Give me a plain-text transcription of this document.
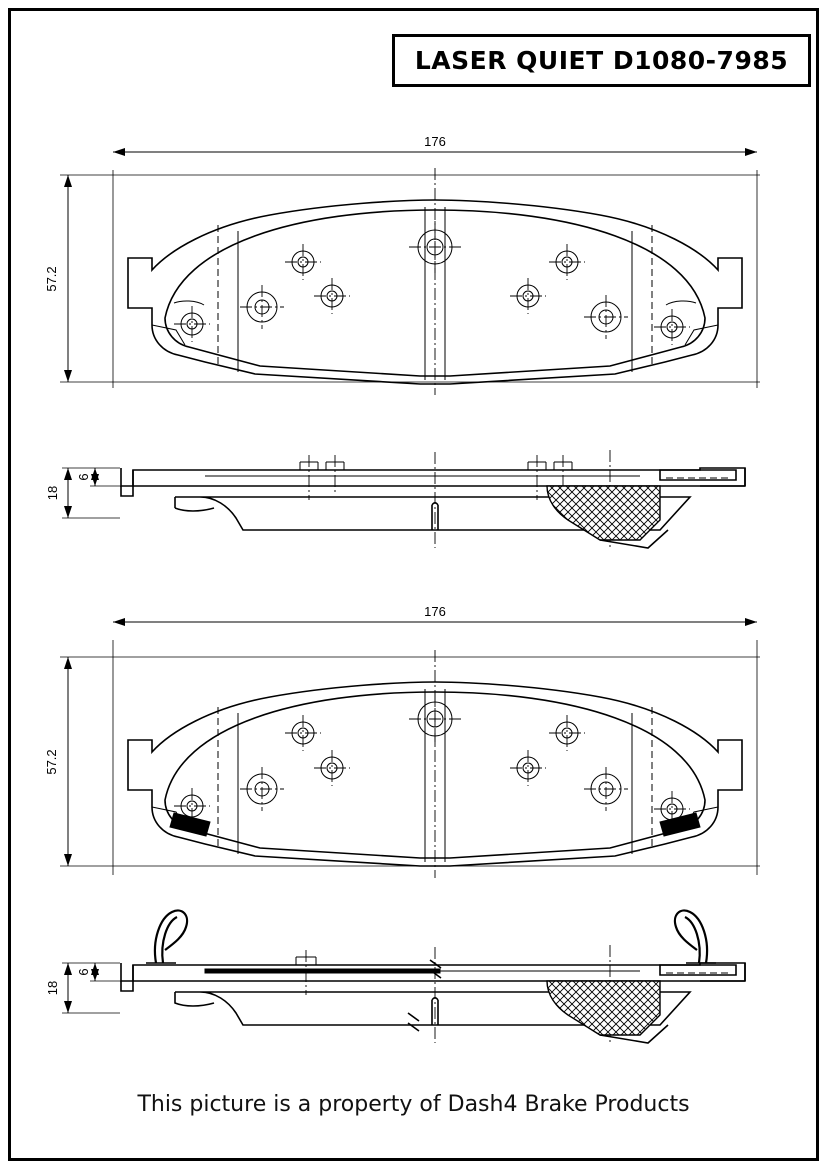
LASER QUIET D1080-7985
176
57.2
18
6
176
57.2
18
6
This picture is a property of Dash4 Brake Products
